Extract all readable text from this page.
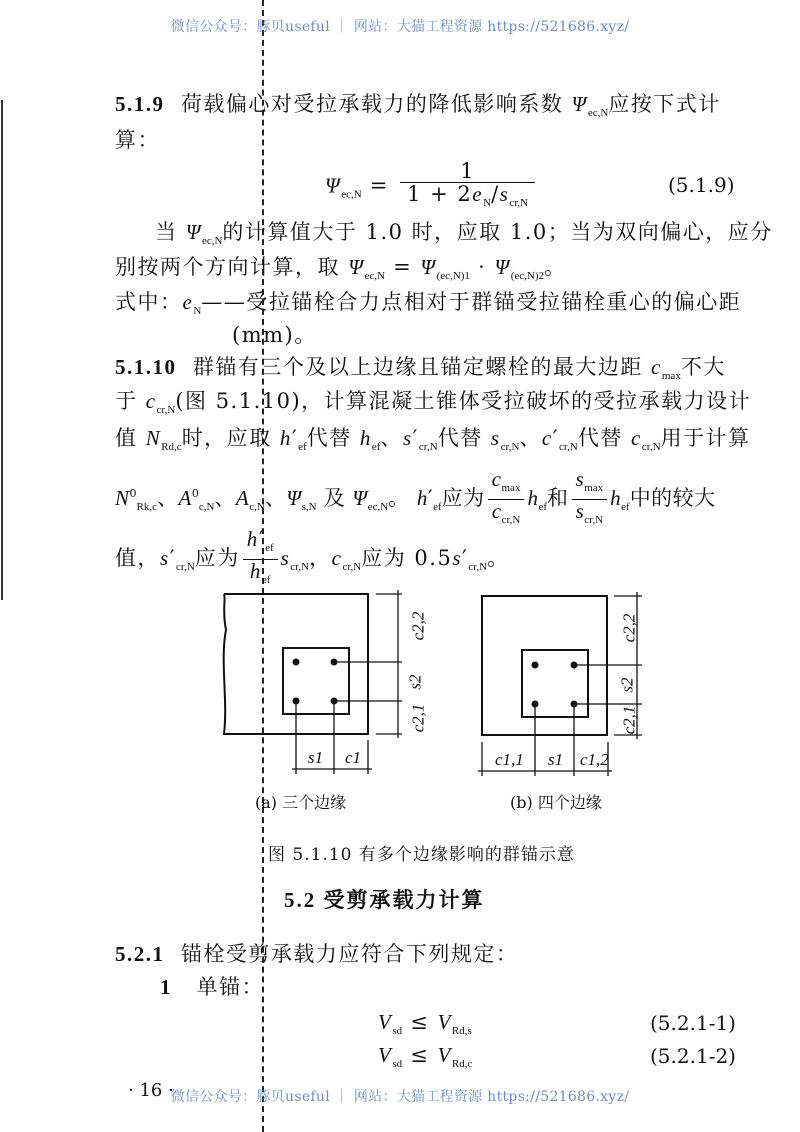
微信公众号：豚贝useful ｜ 网站：大猫工程资源 https://521686.xyz/
5.1.9 荷载偏心对受拉承载力的降低影响系数 $\Psi_{ec,N}$应按下式计
算：
$\Psi_{ec,N} = \frac{1}{1 + 2e_N/s_{cr,N}}$	(5.1.9)
当 $\Psi_{ec,N}$的计算值大于 1.0 时，应取 1.0；当为双向偏心，应分
别按两个方向计算，取 $\Psi_{ec,N} = \Psi_{(ec,N)1} \cdot \Psi_{(ec,N)2}$。
式中：$e_N——$受拉锚栓合力点相对于群锚受拉锚栓重心的偏心距
(mm)。
5.1.10 群锚有三个及以上边缘且锚定螺栓的最大边距 $c_{max}$不大
于 $c_{cr,N}$(图 5.1.10)，计算混凝土锥体受拉破坏的受拉承载力设计
值 $N_{Rd,c}$时，应取 $h'_{ef}$代替 $h_{ef}$、$s'_{cr,N}$代替 $s_{cr,N}$、$c'_{cr,N}$代替 $c_{cr,N}$用于计算
$N^0_{Rk,c}$、$A^0_{c,N}$、$A_{c,N}$、$\Psi_{s,N}$ 及 $\Psi_{ec,N}$。 $h'_{ef}$应为 $\frac{c_{max}}{c_{cr,N}} h_{ef}$和 $\frac{s_{max}}{s_{cr,N}} h_{ef}$中的较大
值，$s'_{cr,N}$应为 $\frac{h'_{ef}}{h_{ef}} s_{cr,N}$，$c_{cr,N}$应为 $0.5s'_{cr,N}$。
c2,2
s2
c2,1
s1 c1
c2,2
s2
c2,1
c1,1 s1 c1,2
(a) 三个边缘	(b) 四个边缘
图 5.1.10 有多个边缘影响的群锚示意
5.2 受剪承载力计算
5.2.1 锚栓受剪承载力应符合下列规定：
1 单锚：
$V_{sd} \le V_{Rd,s}$	(5.2.1-1)
$V_{sd} \le V_{Rd,c}$	(5.2.1-2)
· 16 ·
微信公众号：豚贝useful ｜ 网站：大猫工程资源 https://521686.xyz/
